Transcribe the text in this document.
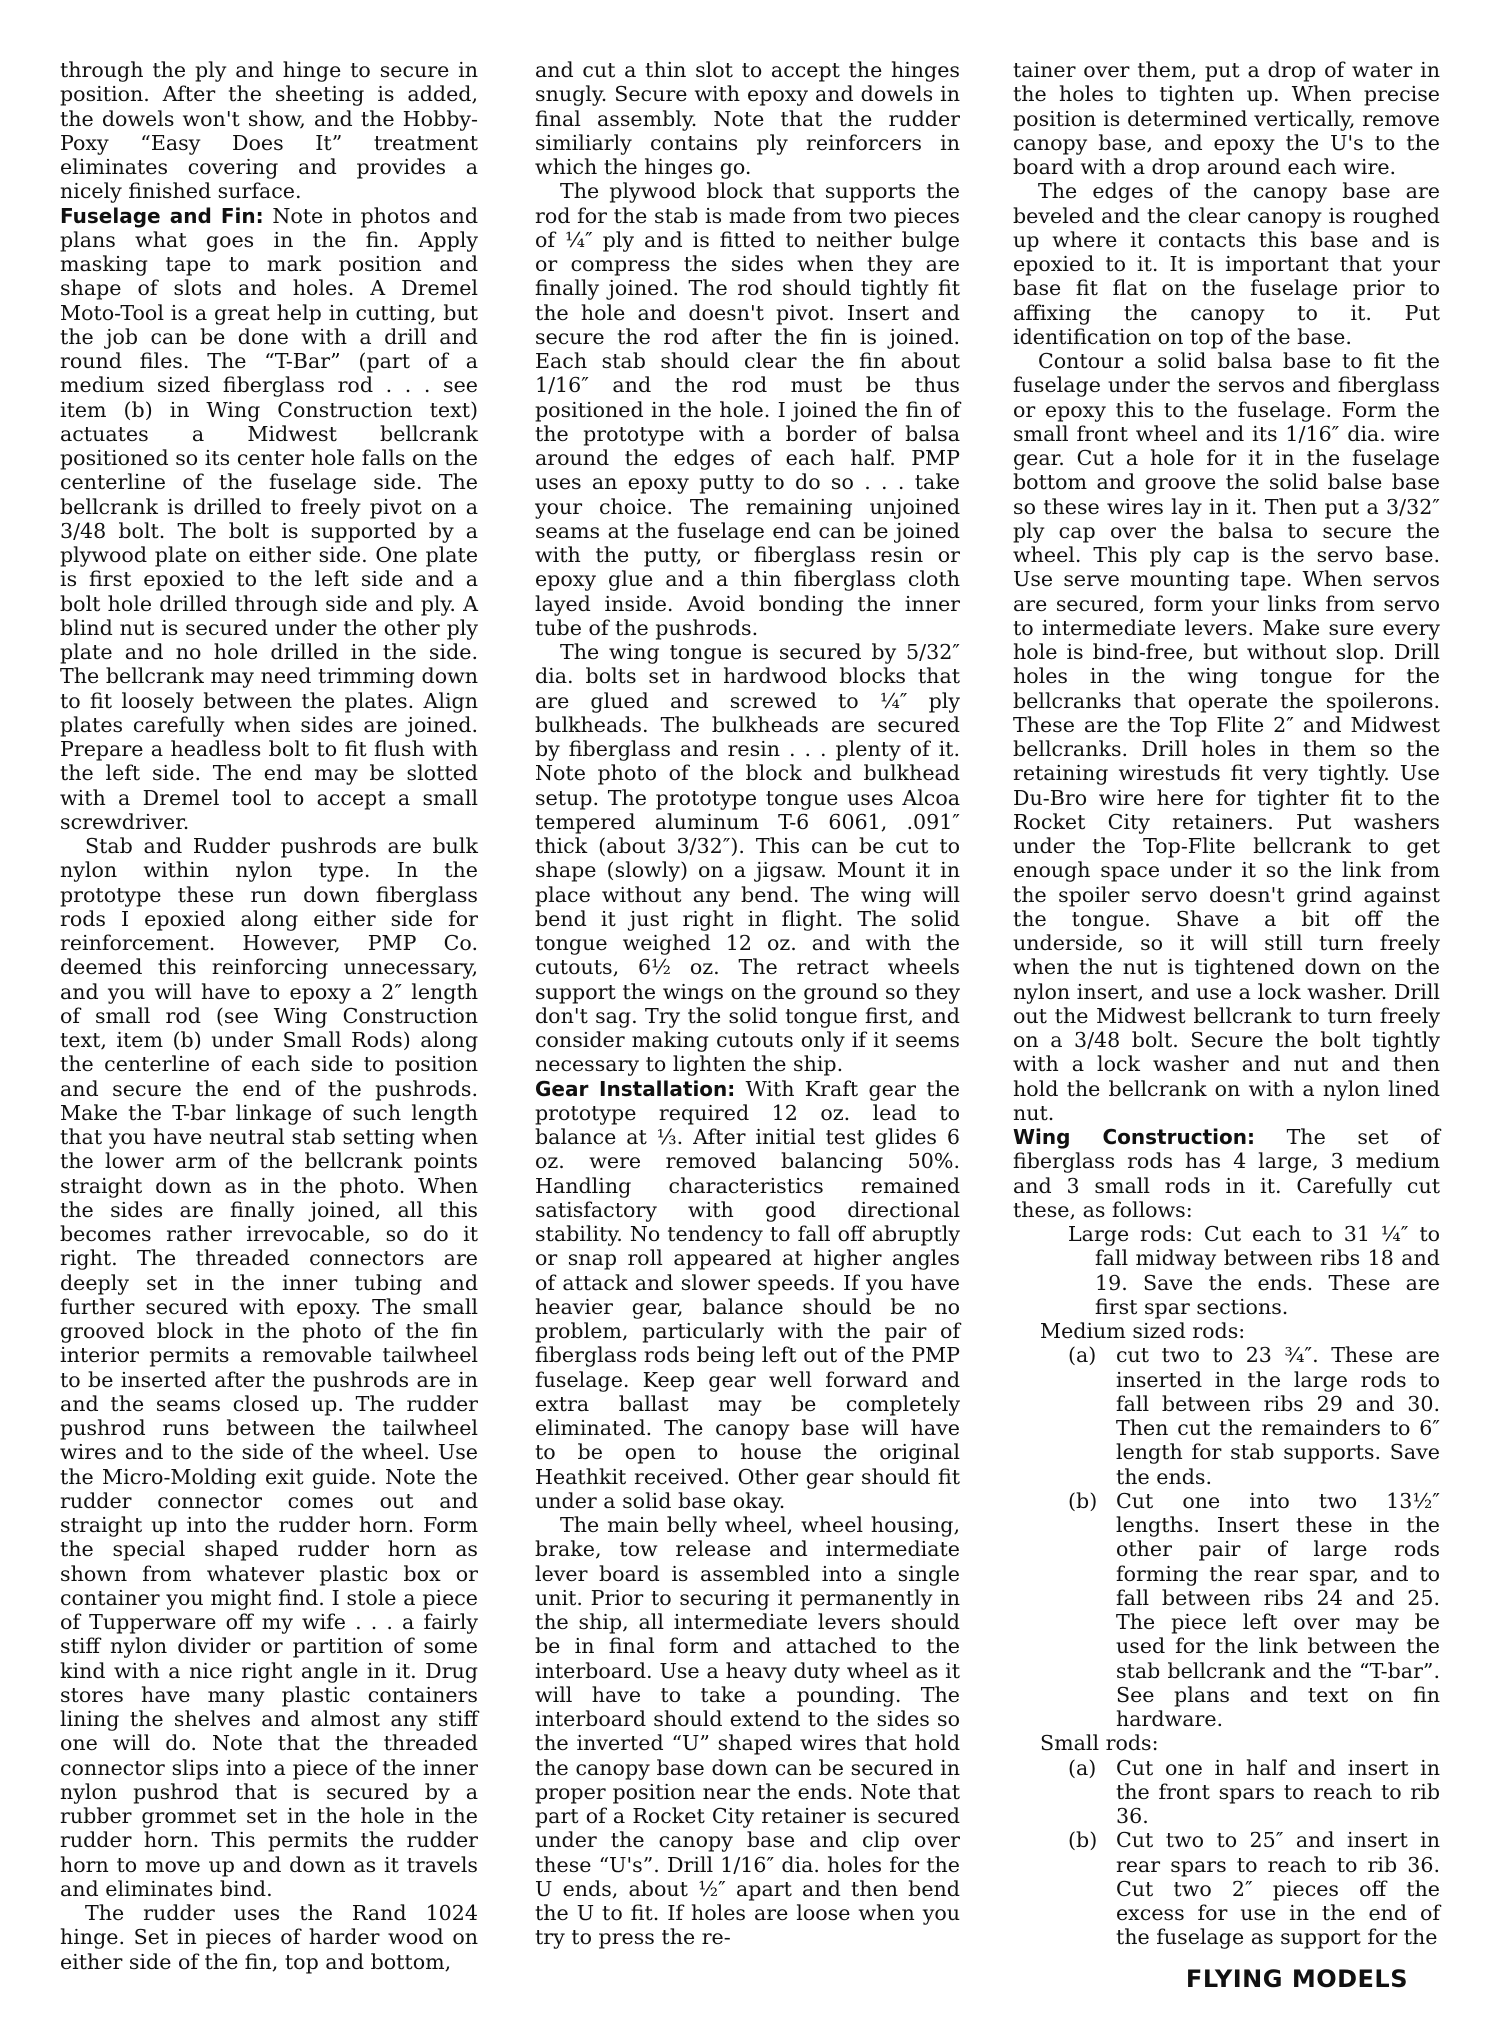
through the ply and hinge to secure in position. After the sheeting is added, the dowels won't show, and the Hobby-Poxy “Easy Does It” treatment eliminates covering and provides a nicely finished surface.

Fuselage and Fin: Note in photos and plans what goes in the fin. Apply masking tape to mark position and shape of slots and holes. A Dremel Moto-Tool is a great help in cutting, but the job can be done with a drill and round files. The “T-Bar” (part of a medium sized fiberglass rod . . . see item (b) in Wing Construction text) actuates a Midwest bellcrank positioned so its center hole falls on the centerline of the fuselage side. The bellcrank is drilled to freely pivot on a 3/48 bolt. The bolt is supported by a plywood plate on either side. One plate is first epoxied to the left side and a bolt hole drilled through side and ply. A blind nut is secured under the other ply plate and no hole drilled in the side. The bellcrank may need trimming down to fit loosely between the plates. Align plates carefully when sides are joined. Prepare a headless bolt to fit flush with the left side. The end may be slotted with a Dremel tool to accept a small screwdriver.

Stab and Rudder pushrods are bulk nylon within nylon type. In the prototype these run down fiberglass rods I epoxied along either side for reinforcement. However, PMP Co. deemed this reinforcing unnecessary, and you will have to epoxy a 2″ length of small rod (see Wing Construction text, item (b) under Small Rods) along the centerline of each side to position and secure the end of the pushrods. Make the T-bar linkage of such length that you have neutral stab setting when the lower arm of the bellcrank points straight down as in the photo. When the sides are finally joined, all this becomes rather irrevocable, so do it right. The threaded connectors are deeply set in the inner tubing and further secured with epoxy. The small grooved block in the photo of the fin interior permits a removable tailwheel to be inserted after the pushrods are in and the seams closed up. The rudder pushrod runs between the tailwheel wires and to the side of the wheel. Use the Micro-Molding exit guide. Note the rudder connector comes out and straight up into the rudder horn. Form the special shaped rudder horn as shown from whatever plastic box or container you might find. I stole a piece of Tupperware off my wife . . . a fairly stiff nylon divider or partition of some kind with a nice right angle in it. Drug stores have many plastic containers lining the shelves and almost any stiff one will do. Note that the threaded connector slips into a piece of the inner nylon pushrod that is secured by a rubber grommet set in the hole in the rudder horn. This permits the rudder horn to move up and down as it travels and eliminates bind.

The rudder uses the Rand 1024 hinge. Set in pieces of harder wood on either side of the fin, top and bottom,

and cut a thin slot to accept the hinges snugly. Secure with epoxy and dowels in final assembly. Note that the rudder similiarly contains ply reinforcers in which the hinges go.

The plywood block that supports the rod for the stab is made from two pieces of ¼″ ply and is fitted to neither bulge or compress the sides when they are finally joined. The rod should tightly fit the hole and doesn't pivot. Insert and secure the rod after the fin is joined. Each stab should clear the fin about 1/16″ and the rod must be thus positioned in the hole. I joined the fin of the prototype with a border of balsa around the edges of each half. PMP uses an epoxy putty to do so . . . take your choice. The remaining unjoined seams at the fuselage end can be joined with the putty, or fiberglass resin or epoxy glue and a thin fiberglass cloth layed inside. Avoid bonding the inner tube of the pushrods.

The wing tongue is secured by 5/32″ dia. bolts set in hardwood blocks that are glued and screwed to ¼″ ply bulkheads. The bulkheads are secured by fiberglass and resin . . . plenty of it. Note photo of the block and bulkhead setup. The prototype tongue uses Alcoa tempered aluminum T-6 6061, .091″ thick (about 3/32″). This can be cut to shape (slowly) on a jigsaw. Mount it in place without any bend. The wing will bend it just right in flight. The solid tongue weighed 12 oz. and with the cutouts, 6½ oz. The retract wheels support the wings on the ground so they don't sag. Try the solid tongue first, and consider making cutouts only if it seems necessary to lighten the ship.

Gear Installation: With Kraft gear the prototype required 12 oz. lead to balance at ⅓. After initial test glides 6 oz. were removed balancing 50%. Handling characteristics remained satisfactory with good directional stability. No tendency to fall off abruptly or snap roll appeared at higher angles of attack and slower speeds. If you have heavier gear, balance should be no problem, particularly with the pair of fiberglass rods being left out of the PMP fuselage. Keep gear well forward and extra ballast may be completely eliminated. The canopy base will have to be open to house the original Heathkit received. Other gear should fit under a solid base okay.

The main belly wheel, wheel housing, brake, tow release and intermediate lever board is assembled into a single unit. Prior to securing it permanently in the ship, all intermediate levers should be in final form and attached to the interboard. Use a heavy duty wheel as it will have to take a pounding. The interboard should extend to the sides so the inverted “U” shaped wires that hold the canopy base down can be secured in proper position near the ends. Note that part of a Rocket City retainer is secured under the canopy base and clip over these “U's”. Drill 1/16″ dia. holes for the U ends, about ½″ apart and then bend the U to fit. If holes are loose when you try to press the re-

tainer over them, put a drop of water in the holes to tighten up. When precise position is determined vertically, remove canopy base, and epoxy the U's to the board with a drop around each wire.

The edges of the canopy base are beveled and the clear canopy is roughed up where it contacts this base and is epoxied to it. It is important that your base fit flat on the fuselage prior to affixing the canopy to it. Put identification on top of the base.

Contour a solid balsa base to fit the fuselage under the servos and fiberglass or epoxy this to the fuselage. Form the small front wheel and its 1/16″ dia. wire gear. Cut a hole for it in the fuselage bottom and groove the solid balse base so these wires lay in it. Then put a 3/32″ ply cap over the balsa to secure the wheel. This ply cap is the servo base. Use serve mounting tape. When servos are secured, form your links from servo to intermediate levers. Make sure every hole is bind-free, but without slop. Drill holes in the wing tongue for the bellcranks that operate the spoilerons. These are the Top Flite 2″ and Midwest bellcranks. Drill holes in them so the retaining wirestuds fit very tightly. Use Du-Bro wire here for tighter fit to the Rocket City retainers. Put washers under the Top-Flite bellcrank to get enough space under it so the link from the spoiler servo doesn't grind against the tongue. Shave a bit off the underside, so it will still turn freely when the nut is tightened down on the nylon insert, and use a lock washer. Drill out the Midwest bellcrank to turn freely on a 3/48 bolt. Secure the bolt tightly with a lock washer and nut and then hold the bellcrank on with a nylon lined nut.

Wing Construction: The set of fiberglass rods has 4 large, 3 medium and 3 small rods in it. Carefully cut these, as follows:

Large rods: Cut each to 31 ¼″ to fall midway between ribs 18 and 19. Save the ends. These are first spar sections.

Medium sized rods:

(a) cut two to 23 ¾″. These are inserted in the large rods to fall between ribs 29 and 30. Then cut the remainders to 6″ length for stab supports. Save the ends.
(b) Cut one into two 13½″ lengths. Insert these in the other pair of large rods forming the rear spar, and to fall between ribs 24 and 25. The piece left over may be used for the link between the stab bellcrank and the “T-bar”. See plans and text on fin hardware.

Small rods:

(a) Cut one in half and insert in the front spars to reach to rib 36.
(b) Cut two to 25″ and insert in rear spars to reach to rib 36. Cut two 2″ pieces off the excess for use in the end of the fuselage as support for the
FLYING MODELS
